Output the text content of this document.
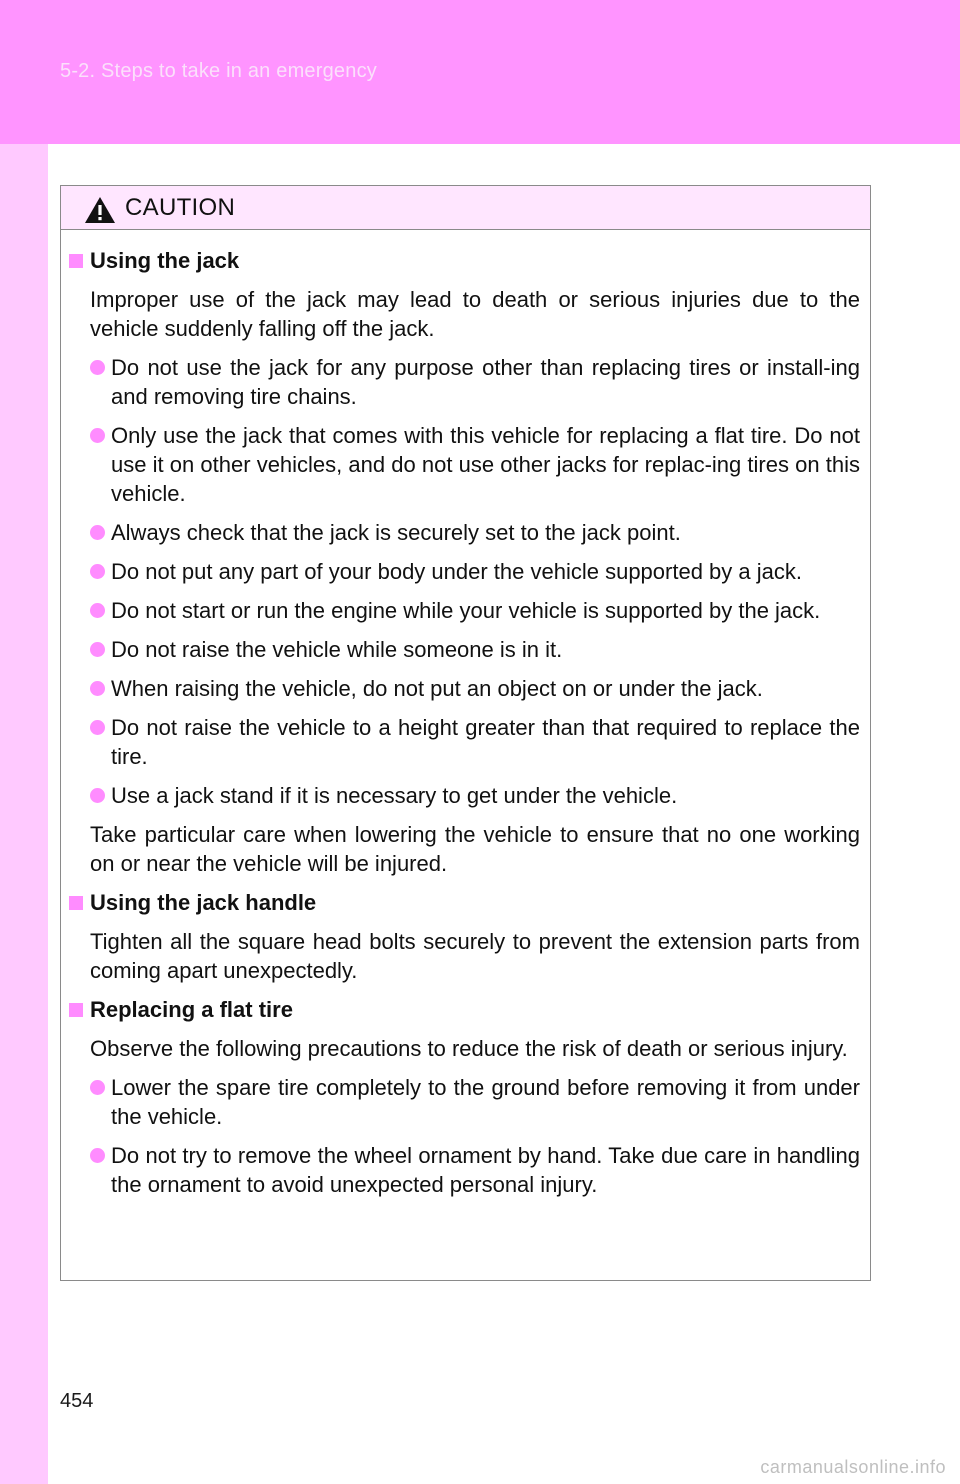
5-2. Steps to take in an emergency
CAUTION
Using the jack
Improper use of the jack may lead to death or serious injuries due to the vehicle suddenly falling off the jack.
Do not use the jack for any purpose other than replacing tires or install-ing and removing tire chains.
Only use the jack that comes with this vehicle for replacing a flat tire. Do not use it on other vehicles, and do not use other jacks for replac-ing tires on this vehicle.
Always check that the jack is securely set to the jack point.
Do not put any part of your body under the vehicle supported by a jack.
Do not start or run the engine while your vehicle is supported by the jack.
Do not raise the vehicle while someone is in it.
When raising the vehicle, do not put an object on or under the jack.
Do not raise the vehicle to a height greater than that required to replace the tire.
Use a jack stand if it is necessary to get under the vehicle.
Take particular care when lowering the vehicle to ensure that no one working on or near the vehicle will be injured.
Using the jack handle
Tighten all the square head bolts securely to prevent the extension parts from coming apart unexpectedly.
Replacing a flat tire
Observe the following precautions to reduce the risk of death or serious injury.
Lower the spare tire completely to the ground before removing it from under the vehicle.
Do not try to remove the wheel ornament by hand. Take due care in handling the ornament to avoid unexpected personal injury.
454
carmanualsonline.info
